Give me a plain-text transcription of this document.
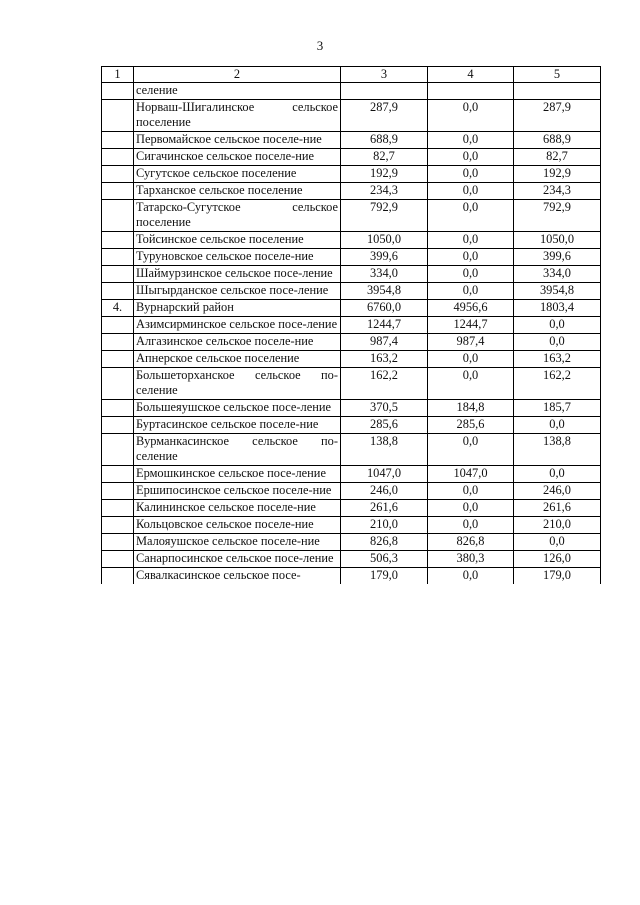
3
1	2	3	4	5
	селение			
	Норваш-Шигалинское сельское поселение	287,9	0,0	287,9
	Первомайское сельское поселе-ние	688,9	0,0	688,9
	Сигачинское сельское поселе-ние	82,7	0,0	82,7
	Сугутское сельское поселение	192,9	0,0	192,9
	Тарханское сельское поселение	234,3	0,0	234,3
	Татарско-Сугутское сельское поселение	792,9	0,0	792,9
	Тойсинское сельское поселение	1050,0	0,0	1050,0
	Туруновское сельское поселе-ние	399,6	0,0	399,6
	Шаймурзинское сельское посе-ление	334,0	0,0	334,0
	Шыгырданское сельское посе-ление	3954,8	0,0	3954,8
4.	Вурнарский район	6760,0	4956,6	1803,4
	Азимсирминское сельское посе-ление	1244,7	1244,7	0,0
	Алгазинское сельское поселе-ние	987,4	987,4	0,0
	Апнерское сельское поселение	163,2	0,0	163,2
	Большеторханское сельское по-селение	162,2	0,0	162,2
	Большеяушское сельское посе-ление	370,5	184,8	185,7
	Буртасинское сельское поселе-ние	285,6	285,6	0,0
	Вурманкасинское сельское по-селение	138,8	0,0	138,8
	Ермошкинское сельское посе-ление	1047,0	1047,0	0,0
	Ершипосинское сельское поселе-ние	246,0	0,0	246,0
	Калининское сельское поселе-ние	261,6	0,0	261,6
	Кольцовское сельское поселе-ние	210,0	0,0	210,0
	Малояушское сельское поселе-ние	826,8	826,8	0,0
	Санарпосинское сельское посе-ление	506,3	380,3	126,0
	Сявалкасинское сельское посе-	179,0	0,0	179,0
